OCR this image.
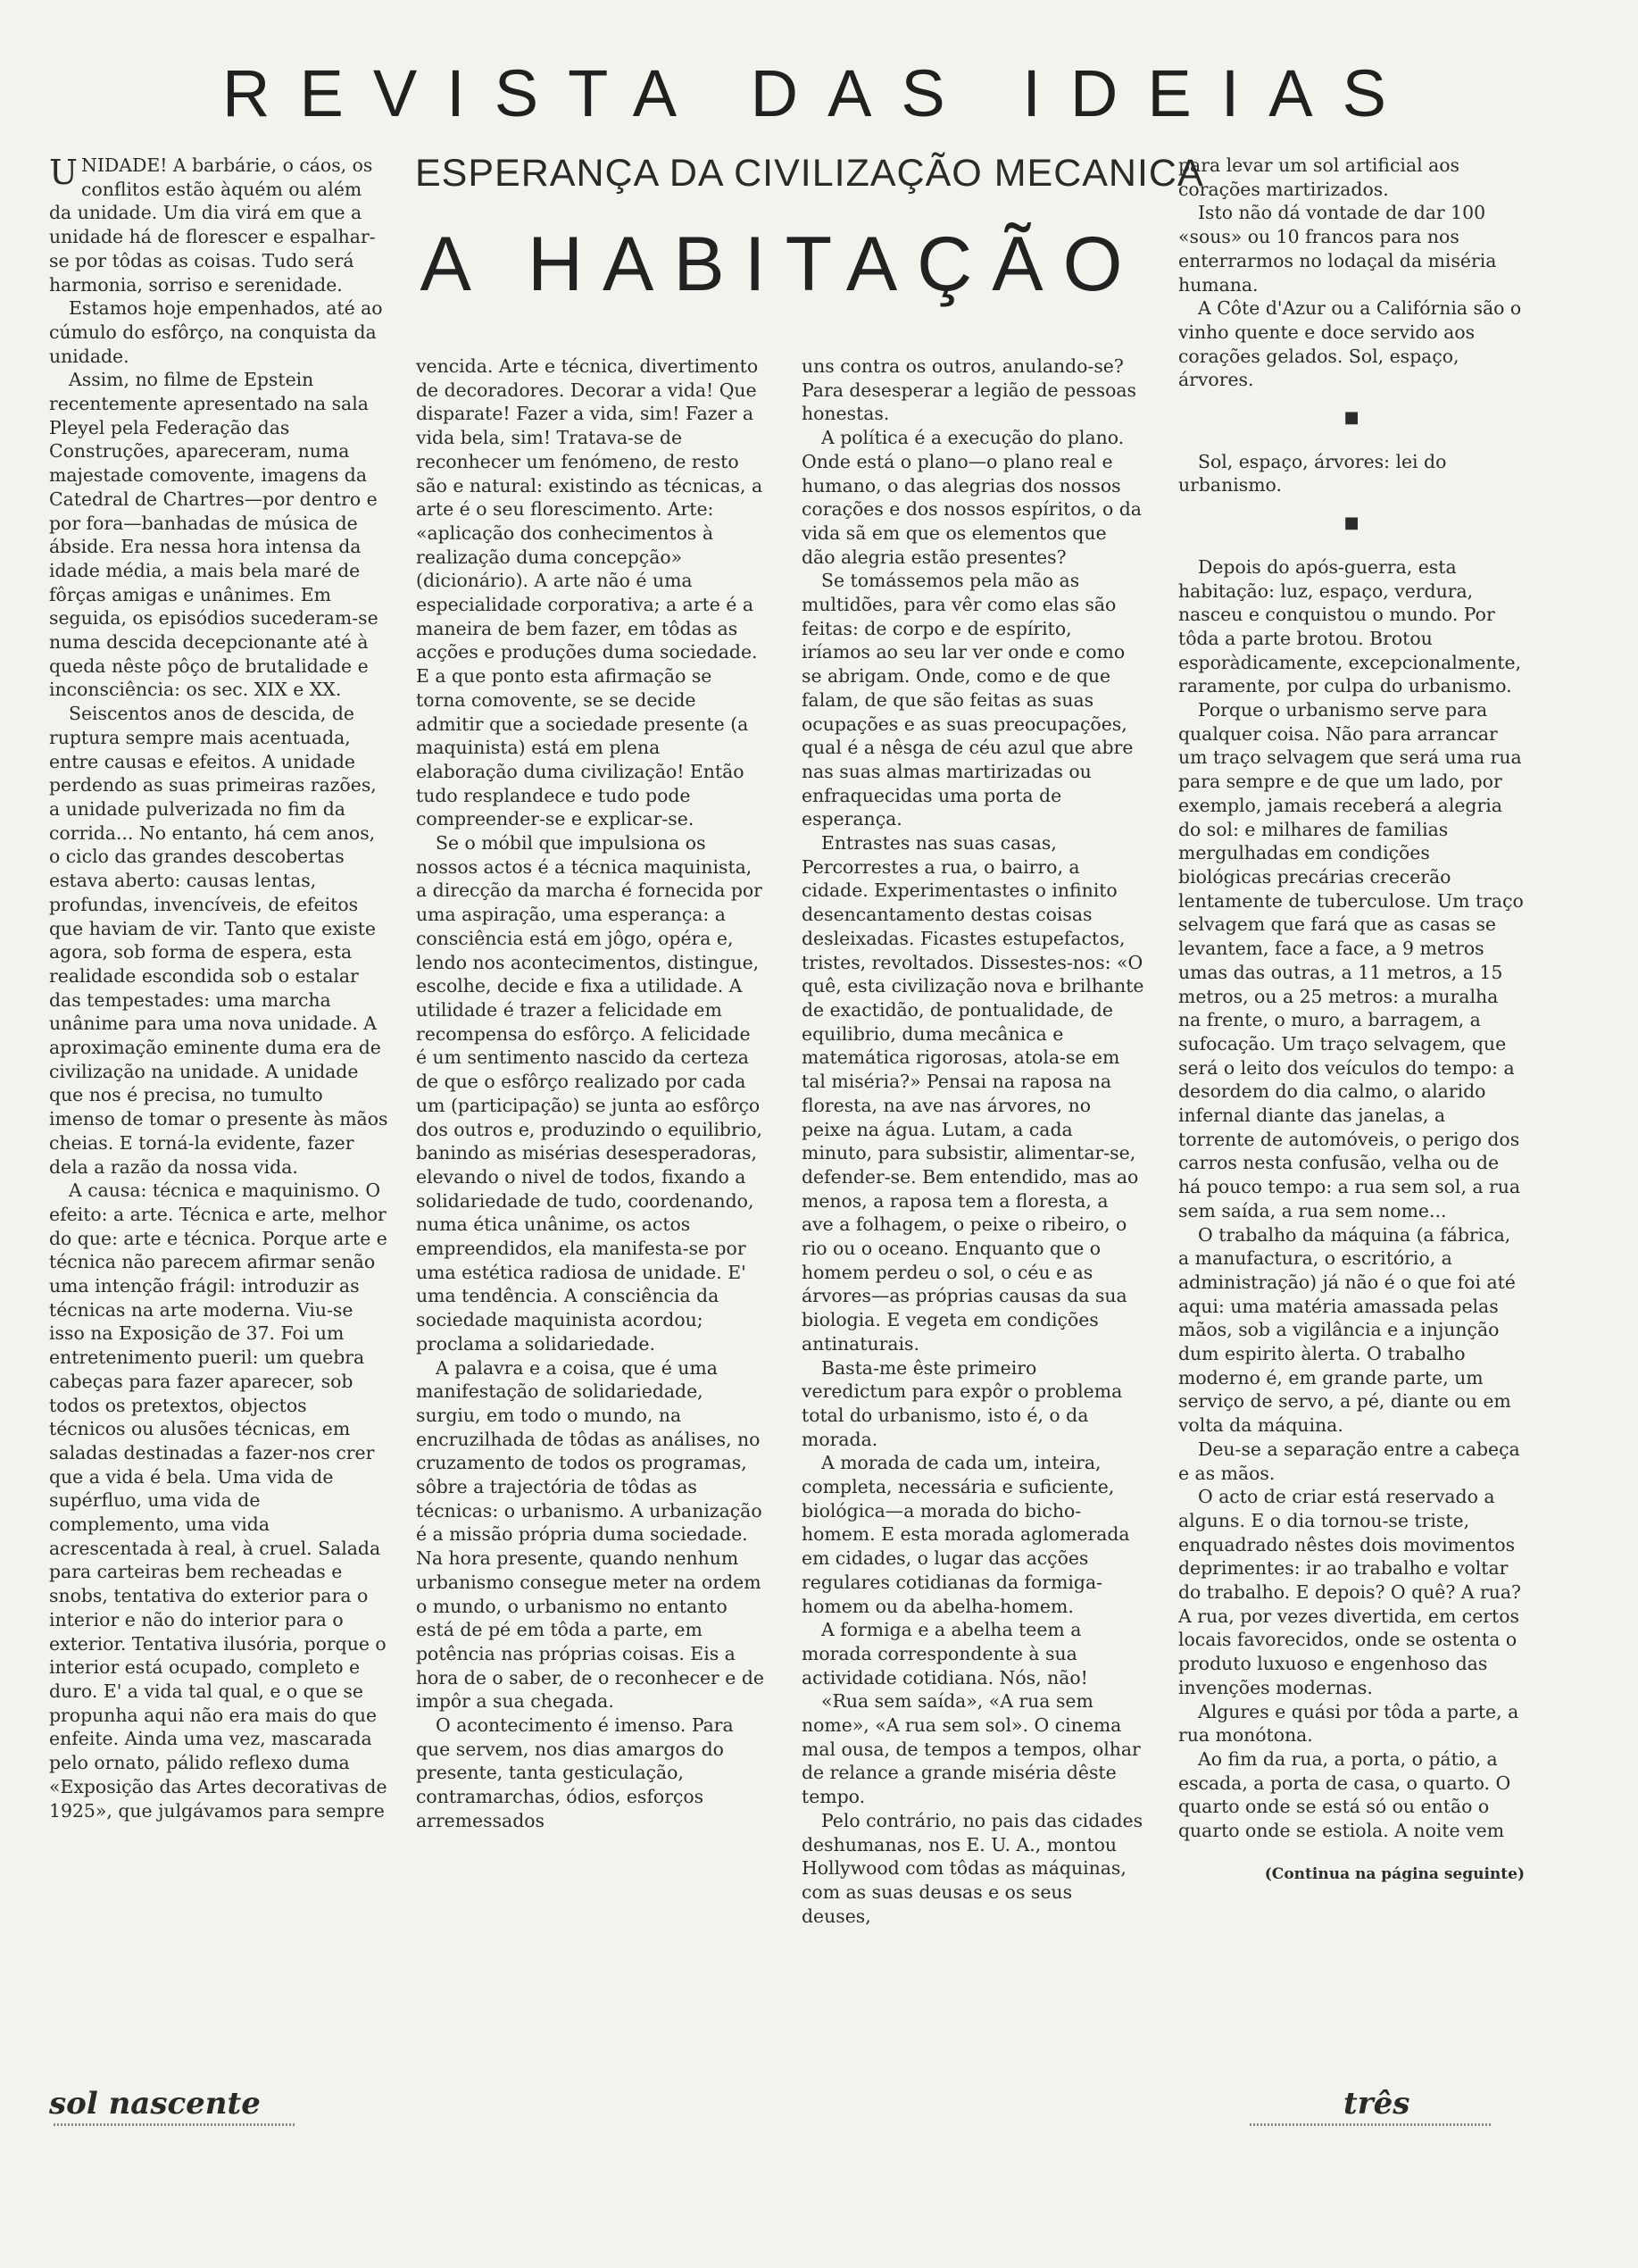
REVISTA DAS IDEIAS
ESPERANÇA DA CIVILIZAÇÃO MECANICA
A HABITAÇÃO

UNIDADE! A barbárie, o cáos, os conflitos estão àquém ou além da unidade. Um dia virá em que a unidade há de florescer e espalhar-se por tôdas as coisas. Tudo será harmonia, sorriso e serenidade.

Estamos hoje empenhados, até ao cúmulo do esfôrço, na conquista da unidade.

Assim, no filme de Epstein recentemente apresentado na sala Pleyel pela Federação das Construções, apareceram, numa majestade comovente, imagens da Catedral de Chartres—por dentro e por fora—banhadas de música de ábside. Era nessa hora intensa da idade média, a mais bela maré de fôrças amigas e unânimes. Em seguida, os episódios sucederam-se numa descida decepcionante até à queda nêste pôço de brutalidade e inconsciência: os sec. XIX e XX.

Seiscentos anos de descida, de ruptura sempre mais acentuada, entre causas e efeitos. A unidade perdendo as suas primeiras razões, a unidade pulverizada no fim da corrida... No entanto, há cem anos, o ciclo das grandes descobertas estava aberto: causas lentas, profundas, invencíveis, de efeitos que haviam de vir. Tanto que existe agora, sob forma de espera, esta realidade escondida sob o estalar das tempestades: uma marcha unânime para uma nova unidade. A aproximação eminente duma era de civilização na unidade. A unidade que nos é precisa, no tumulto imenso de tomar o presente às mãos cheias. E torná-la evidente, fazer dela a razão da nossa vida.

A causa: técnica e maquinismo. O efeito: a arte. Técnica e arte, melhor do que: arte e técnica. Porque arte e técnica não parecem afirmar senão uma intenção frágil: introduzir as técnicas na arte moderna. Viu-se isso na Exposição de 37. Foi um entretenimento pueril: um quebra cabeças para fazer aparecer, sob todos os pretextos, objectos técnicos ou alusões técnicas, em saladas destinadas a fazer-nos crer que a vida é bela. Uma vida de supérfluo, uma vida de complemento, uma vida acrescentada à real, à cruel. Salada para carteiras bem recheadas e snobs, tentativa do exterior para o interior e não do interior para o exterior. Tentativa ilusória, porque o interior está ocupado, completo e duro. E' a vida tal qual, e o que se propunha aqui não era mais do que enfeite. Ainda uma vez, mascarada pelo ornato, pálido reflexo duma «Exposição das Artes decorativas de 1925», que julgávamos para sempre

vencida. Arte e técnica, divertimento de decoradores. Decorar a vida! Que disparate! Fazer a vida, sim! Fazer a vida bela, sim! Tratava-se de reconhecer um fenómeno, de resto são e natural: existindo as técnicas, a arte é o seu florescimento. Arte: «aplicação dos conhecimentos à realização duma concepção» (dicionário). A arte não é uma especialidade corporativa; a arte é a maneira de bem fazer, em tôdas as acções e produções duma sociedade. E a que ponto esta afirmação se torna comovente, se se decide admitir que a sociedade presente (a maquinista) está em plena elaboração duma civilização! Então tudo resplandece e tudo pode compreender-se e explicar-se.

Se o móbil que impulsiona os nossos actos é a técnica maquinista, a direcção da marcha é fornecida por uma aspiração, uma esperança: a consciência está em jôgo, opéra e, lendo nos acontecimentos, distingue, escolhe, decide e fixa a utilidade. A utilidade é trazer a felicidade em recompensa do esfôrço. A felicidade é um sentimento nascido da certeza de que o esfôrço realizado por cada um (participação) se junta ao esfôrço dos outros e, produzindo o equilibrio, banindo as misérias desesperadoras, elevando o nivel de todos, fixando a solidariedade de tudo, coordenando, numa ética unânime, os actos empreendidos, ela manifesta-se por uma estética radiosa de unidade. E' uma tendência. A consciência da sociedade maquinista acordou; proclama a solidariedade.

A palavra e a coisa, que é uma manifestação de solidariedade, surgiu, em todo o mundo, na encruzilhada de tôdas as análises, no cruzamento de todos os programas, sôbre a trajectória de tôdas as técnicas: o urbanismo. A urbanização é a missão própria duma sociedade. Na hora presente, quando nenhum urbanismo consegue meter na ordem o mundo, o urbanismo no entanto está de pé em tôda a parte, em potência nas próprias coisas. Eis a hora de o saber, de o reconhecer e de impôr a sua chegada.

O acontecimento é imenso. Para que servem, nos dias amargos do presente, tanta gesticulação, contramarchas, ódios, esforços arremessados

uns contra os outros, anulando-se? Para desesperar a legião de pessoas honestas.

A política é a execução do plano. Onde está o plano—o plano real e humano, o das alegrias dos nossos corações e dos nossos espíritos, o da vida sã em que os elementos que dão alegria estão presentes?

Se tomássemos pela mão as multidões, para vêr como elas são feitas: de corpo e de espírito, iríamos ao seu lar ver onde e como se abrigam. Onde, como e de que falam, de que são feitas as suas ocupações e as suas preocupações, qual é a nêsga de céu azul que abre nas suas almas martirizadas ou enfraquecidas uma porta de esperança.

Entrastes nas suas casas, Percorrestes a rua, o bairro, a cidade. Experimentastes o infinito desencantamento destas coisas desleixadas. Ficastes estupefactos, tristes, revoltados. Dissestes-nos: «O quê, esta civilização nova e brilhante de exactidão, de pontualidade, de equilibrio, duma mecânica e matemática rigorosas, atola-se em tal miséria?» Pensai na raposa na floresta, na ave nas árvores, no peixe na água. Lutam, a cada minuto, para subsistir, alimentar-se, defender-se. Bem entendido, mas ao menos, a raposa tem a floresta, a ave a folhagem, o peixe o ribeiro, o rio ou o oceano. Enquanto que o homem perdeu o sol, o céu e as árvores—as próprias causas da sua biologia. E vegeta em condições antinaturais.

Basta-me êste primeiro veredictum para expôr o problema total do urbanismo, isto é, o da morada.

A morada de cada um, inteira, completa, necessária e suficiente, biológica—a morada do bicho-homem. E esta morada aglomerada em cidades, o lugar das acções regulares cotidianas da formiga-homem ou da abelha-homem.

A formiga e a abelha teem a morada correspondente à sua actividade cotidiana. Nós, não!

«Rua sem saída», «A rua sem nome», «A rua sem sol». O cinema mal ousa, de tempos a tempos, olhar de relance a grande miséria dêste tempo.

Pelo contrário, no pais das cidades deshumanas, nos E. U. A., montou Hollywood com tôdas as máquinas, com as suas deusas e os seus deuses,

para levar um sol artificial aos corações martirizados.

Isto não dá vontade de dar 100 «sous» ou 10 francos para nos enterrarmos no lodaçal da miséria humana.

A Côte d'Azur ou a Califórnia são o vinho quente e doce servido aos corações gelados. Sol, espaço, árvores.

■

Sol, espaço, árvores: lei do urbanismo.

■

Depois do após-guerra, esta habitação: luz, espaço, verdura, nasceu e conquistou o mundo. Por tôda a parte brotou. Brotou esporàdicamente, excepcionalmente, raramente, por culpa do urbanismo.

Porque o urbanismo serve para qualquer coisa. Não para arrancar um traço selvagem que será uma rua para sempre e de que um lado, por exemplo, jamais receberá a alegria do sol: e milhares de familias mergulhadas em condições biológicas precárias crecerão lentamente de tuberculose. Um traço selvagem que fará que as casas se levantem, face a face, a 9 metros umas das outras, a 11 metros, a 15 metros, ou a 25 metros: a muralha na frente, o muro, a barragem, a sufocação. Um traço selvagem, que será o leito dos veículos do tempo: a desordem do dia calmo, o alarido infernal diante das janelas, a torrente de automóveis, o perigo dos carros nesta confusão, velha ou de há pouco tempo: a rua sem sol, a rua sem saída, a rua sem nome...

O trabalho da máquina (a fábrica, a manufactura, o escritório, a administração) já não é o que foi até aqui: uma matéria amassada pelas mãos, sob a vigilância e a injunção dum espirito àlerta. O trabalho moderno é, em grande parte, um serviço de servo, a pé, diante ou em volta da máquina.

Deu-se a separação entre a cabeça e as mãos.

O acto de criar está reservado a alguns. E o dia tornou-se triste, enquadrado nêstes dois movimentos deprimentes: ir ao trabalho e voltar do trabalho. E depois? O quê? A rua? A rua, por vezes divertida, em certos locais favorecidos, onde se ostenta o produto luxuoso e engenhoso das invenções modernas.

Algures e quási por tôda a parte, a rua monótona.

Ao fim da rua, a porta, o pátio, a escada, a porta de casa, o quarto. O quarto onde se está só ou então o quarto onde se estiola. A noite vem

(Continua na página seguinte)
sol nascente	três
